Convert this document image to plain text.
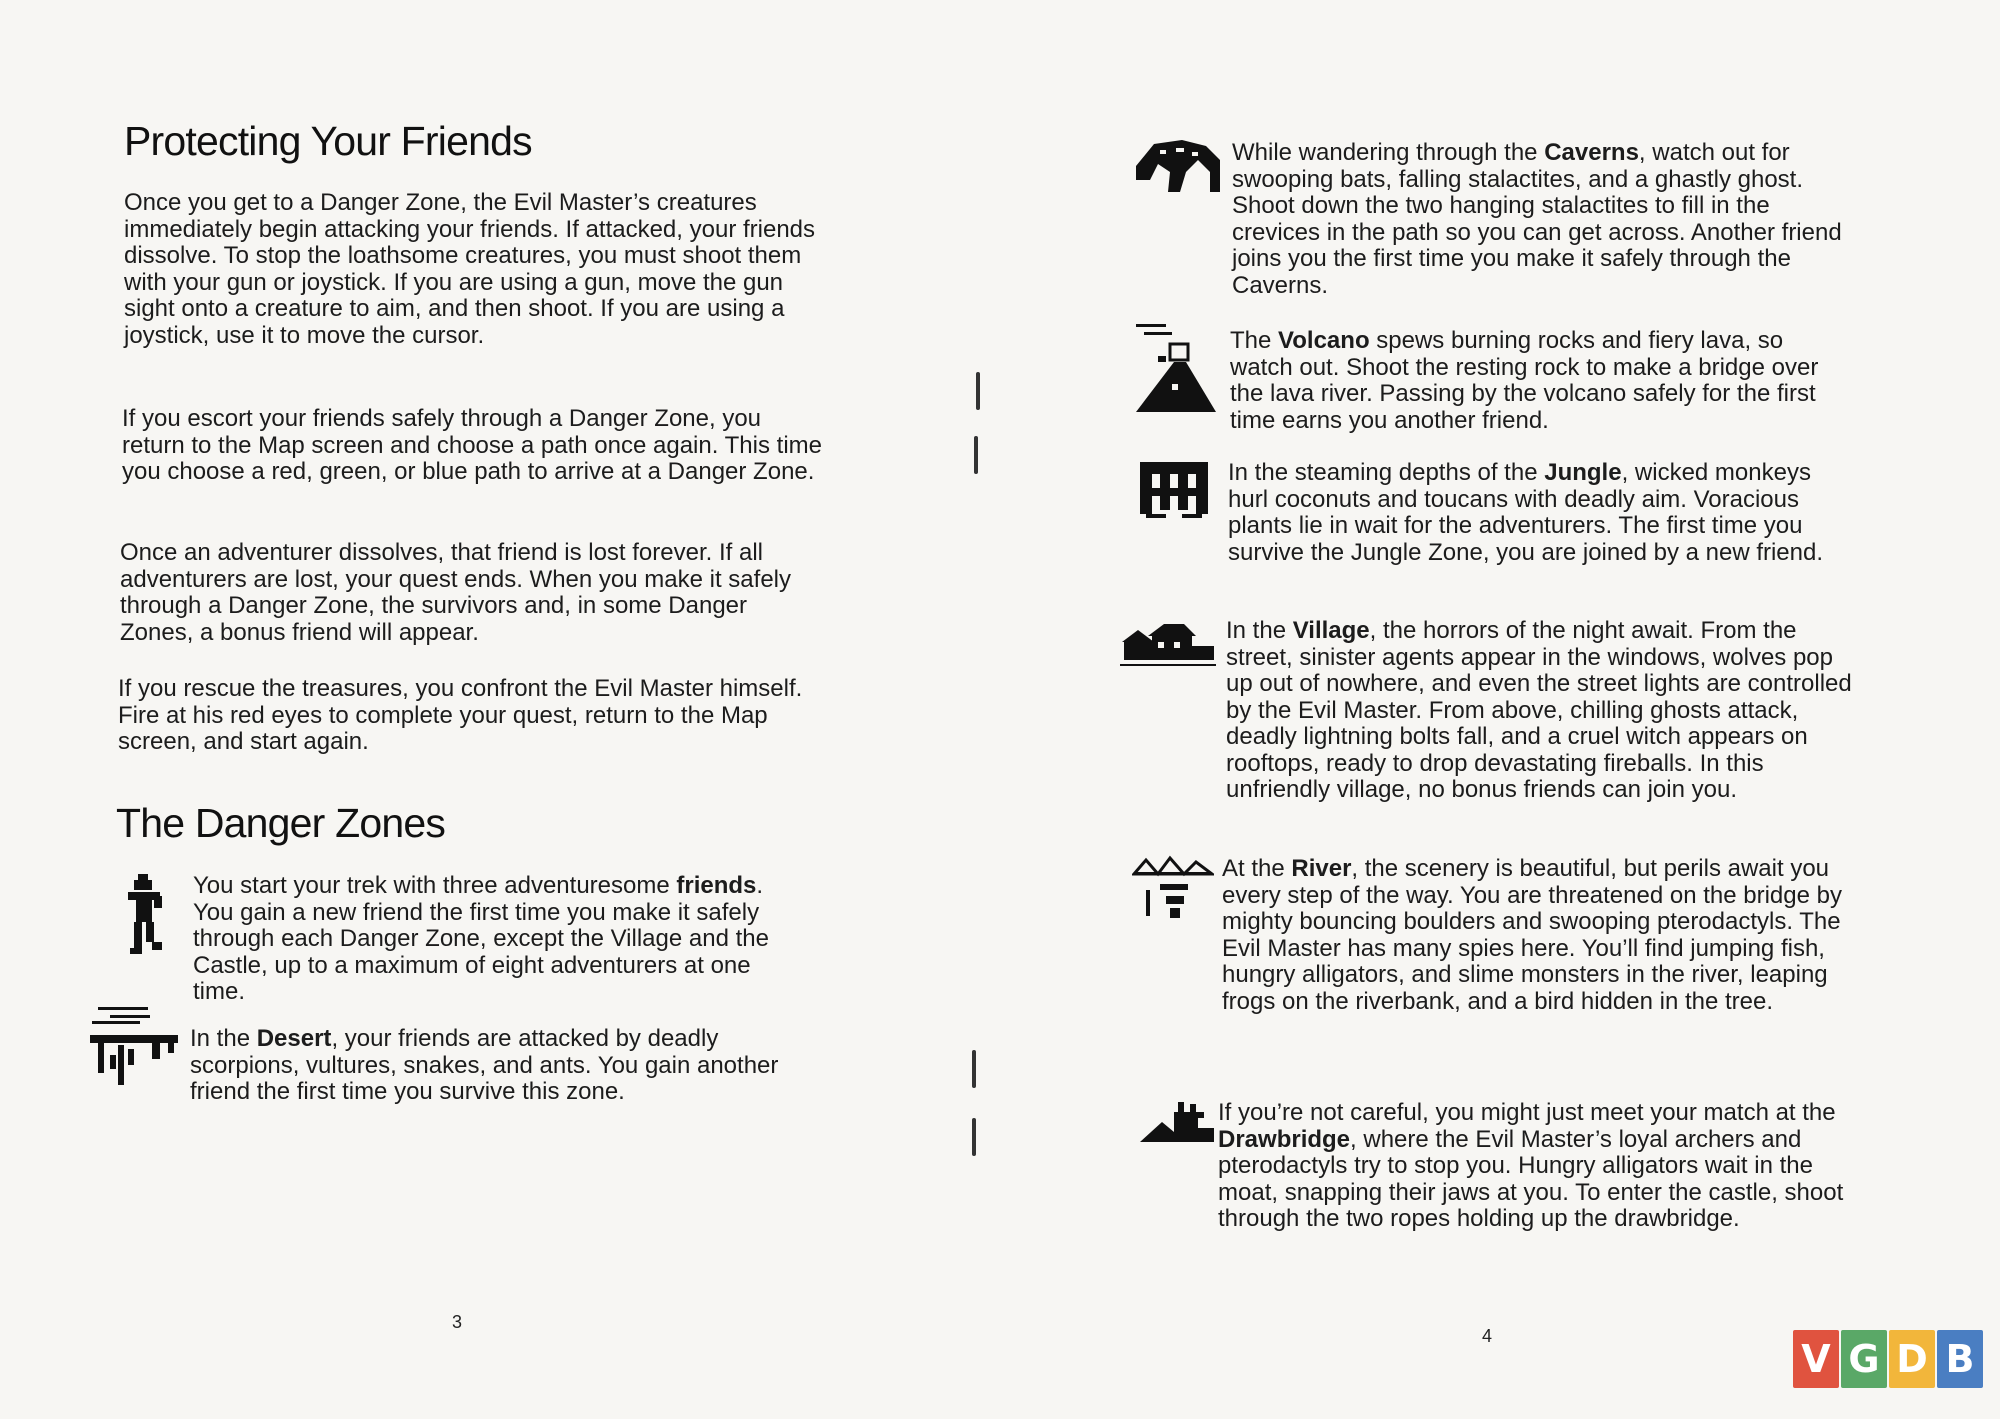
Protecting Your Friends

Once you get to a Danger Zone, the Evil Master’s creatures immediately begin attacking your friends. If attacked, your friends dissolve. To stop the loathsome creatures, you must shoot them with your gun or joystick. If you are using a gun, move the gun sight onto a creature to aim, and then shoot. If you are using a joystick, use it to move the cursor.

If you escort your friends safely through a Danger Zone, you return to the Map screen and choose a path once again. This time you choose a red, green, or blue path to arrive at a Danger Zone.

Once an adventurer dissolves, that friend is lost forever. If all adventurers are lost, your quest ends. When you make it safely through a Danger Zone, the survivors and, in some Danger Zones, a bonus friend will appear.

If you rescue the treasures, you confront the Evil Master himself. Fire at his red eyes to complete your quest, return to the Map screen, and start again.

The Danger Zones

You start your trek with three adventuresome friends. You gain a new friend the first time you make it safely through each Danger Zone, except the Village and the Castle, up to a maximum of eight adventurers at one time.

In the Desert, your friends are attacked by deadly scorpions, vultures, snakes, and ants. You gain another friend the first time you survive this zone.

3

While wandering through the Caverns, watch out for swooping bats, falling stalactites, and a ghastly ghost. Shoot down the two hanging stalactites to fill in the crevices in the path so you can get across. Another friend joins you the first time you make it safely through the Caverns.

The Volcano spews burning rocks and fiery lava, so watch out. Shoot the resting rock to make a bridge over the lava river. Passing by the volcano safely for the first time earns you another friend.

In the steaming depths of the Jungle, wicked monkeys hurl coconuts and toucans with deadly aim. Voracious plants lie in wait for the adventurers. The first time you survive the Jungle Zone, you are joined by a new friend.

In the Village, the horrors of the night await. From the street, sinister agents appear in the windows, wolves pop up out of nowhere, and even the street lights are controlled by the Evil Master. From above, chilling ghosts attack, deadly lightning bolts fall, and a cruel witch appears on rooftops, ready to drop devastating fireballs. In this unfriendly village, no bonus friends can join you.

At the River, the scenery is beautiful, but perils await you every step of the way. You are threatened on the bridge by mighty bouncing boulders and swooping pterodactyls. The Evil Master has many spies here. You’ll find jumping fish, hungry alligators, and slime monsters in the river, leaping frogs on the riverbank, and a bird hidden in the tree.

If you’re not careful, you might just meet your match at the Drawbridge, where the Evil Master’s loyal archers and pterodactyls try to stop you. Hungry alligators wait in the moat, snapping their jaws at you. To enter the castle, shoot through the two ropes holding up the drawbridge.

4
V G D B
